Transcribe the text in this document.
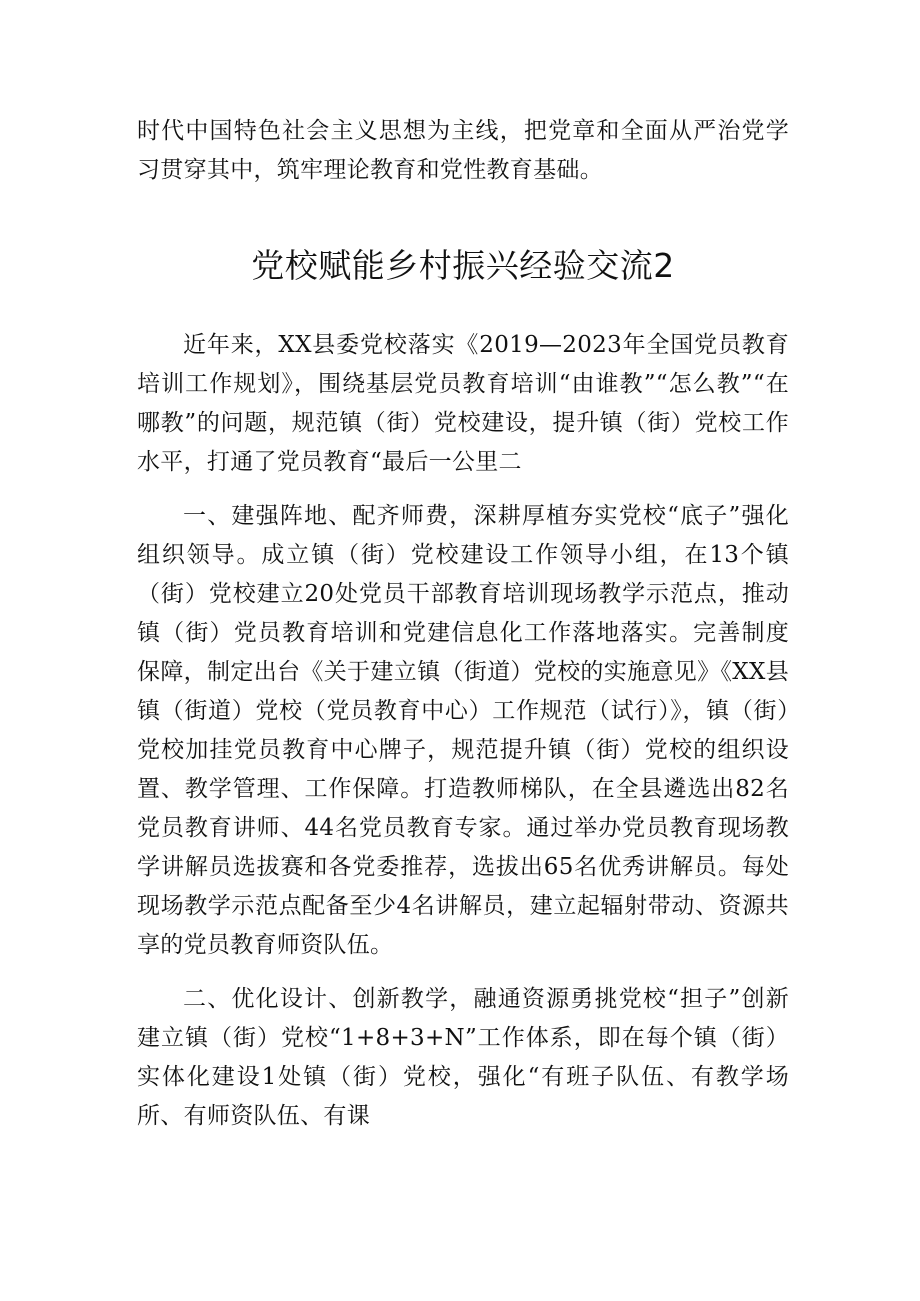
时代中国特色社会主义思想为主线，把党章和全面从严治党学习贯穿其中，筑牢理论教育和党性教育基础。

党校赋能乡村振兴经验交流2

近年来，XX县委党校落实《2019—2023年全国党员教育培训工作规划》，围绕基层党员教育培训“由谁教”“怎么教”“在哪教”的问题，规范镇（街）党校建设，提升镇（街）党校工作水平，打通了党员教育“最后一公里二

一、建强阵地、配齐师费，深耕厚植夯实党校“底子”强化组织领导。成立镇（街）党校建设工作领导小组，在13个镇（街）党校建立20处党员干部教育培训现场教学示范点，推动镇（街）党员教育培训和党建信息化工作落地落实。完善制度保障，制定出台《关于建立镇（街道）党校的实施意见》《XX县镇（街道）党校（党员教育中心）工作规范（试行）》，镇（街）党校加挂党员教育中心牌子，规范提升镇（街）党校的组织设置、教学管理、工作保障。打造教师梯队，在全县遴选出82名党员教育讲师、44名党员教育专家。通过举办党员教育现场教学讲解员选拔赛和各党委推荐，选拔出65名优秀讲解员。每处现场教学示范点配备至少4名讲解员，建立起辐射带动、资源共享的党员教育师资队伍。

二、优化设计、创新教学，融通资源勇挑党校“担子”创新建立镇（街）党校“1+8+3+N”工作体系，即在每个镇（街）实体化建设1处镇（街）党校，强化“有班子队伍、有教学场所、有师资队伍、有课
